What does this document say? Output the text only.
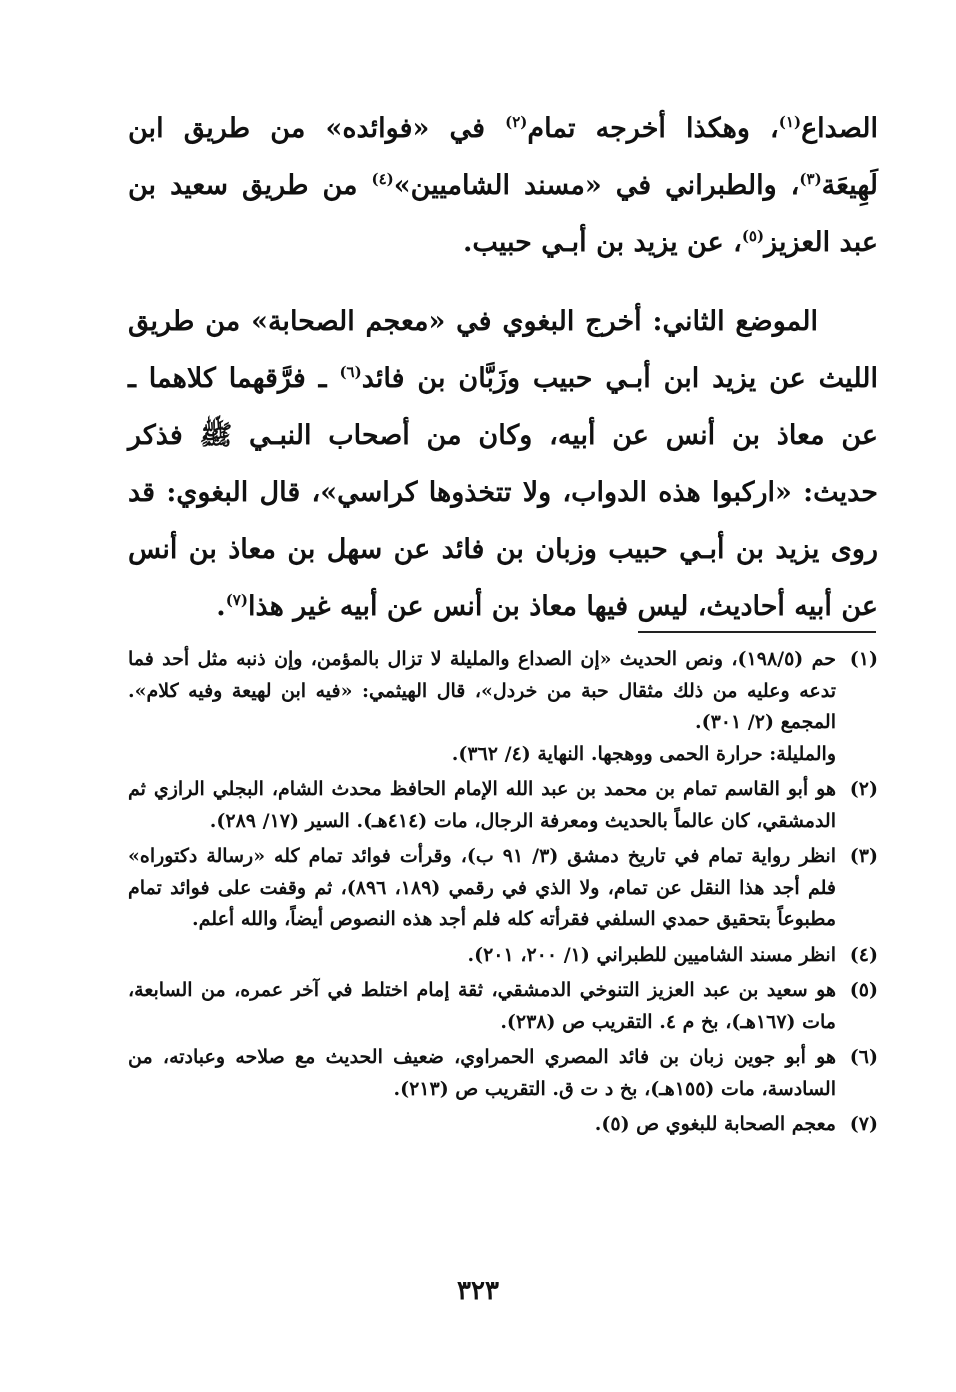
الصداع$^{(١)}$، وهكذا أخرجه تمام$^{(٢)}$ في «فوائده» من طريق ابن لَهِيعَة$^{(٣)}$، والطبراني في «مسند الشاميين»$^{(٤)}$ من طريق سعيد بن عبد العزيز$^{(٥)}$، عن يزيد بن أبـي حبيب.

الموضع الثاني: أخرج البغوي في «معجم الصحابة» من طريق الليث عن يزيد ابن أبـي حبيب وزَبَّان بن فائد$^{(٦)}$ ـ فرَّقهما كلاهما ـ عن معاذ بن أنس عن أبيه، وكان من أصحاب النبـي ﷺ فذكر حديث: «اركبوا هذه الدواب، ولا تتخذوها كراسي»، قال البغوي: قد روى يزيد بن أبـي حبيب وزبان بن فائد عن سهل بن معاذ بن أنس عن أبيه أحاديث، ليس فيها معاذ بن أنس عن أبيه غير هذا$^{(٧)}$.

(١)
حم (١٩٨/٥)، ونص الحديث «إن الصداع والمليلة لا تزال بالمؤمن، وإن ذنبه مثل أحد فما تدعه وعليه من ذلك مثقال حبة من خردل»، قال الهيثمي: «فيه ابن لهيعة وفيه كلام». المجمع (٢/ ٣٠١).
والمليلة: حرارة الحمى ووهجها. النهاية (٤/ ٣٦٢).
(٢)
هو أبو القاسم تمام بن محمد بن عبد الله الإمام الحافظ محدث الشام، البجلي الرازي ثم الدمشقي، كان عالماً بالحديث ومعرفة الرجال، مات (٤١٤هـ). السير (١٧/ ٢٨٩).
(٣)
انظر رواية تمام في تاريخ دمشق (٣/ ٩١ ب)، وقرأت فوائد تمام كله «رسالة دكتوراه» فلم أجد هذا النقل عن تمام، ولا الذي في رقمي (١٨٩، ٨٩٦)، ثم وقفت على فوائد تمام مطبوعاً بتحقيق حمدي السلفي فقرأته كله فلم أجد هذه النصوص أيضاً، والله أعلم.
(٤)
انظر مسند الشاميين للطبراني (١/ ٢٠٠، ٢٠١).
(٥)
هو سعيد بن عبد العزيز التنوخي الدمشقي، ثقة إمام اختلط في آخر عمره، من السابعة، مات (١٦٧هـ)، بخ م ٤. التقريب ص (٢٣٨).
(٦)
هو أبو جوين زبان بن فائد المصري الحمراوي، ضعيف الحديث مع صلاحه وعبادته، من السادسة، مات (١٥٥هـ)، بخ د ت ق. التقريب ص (٢١٣).
(٧)
معجم الصحابة للبغوي ص (٥).
٣٢٣
